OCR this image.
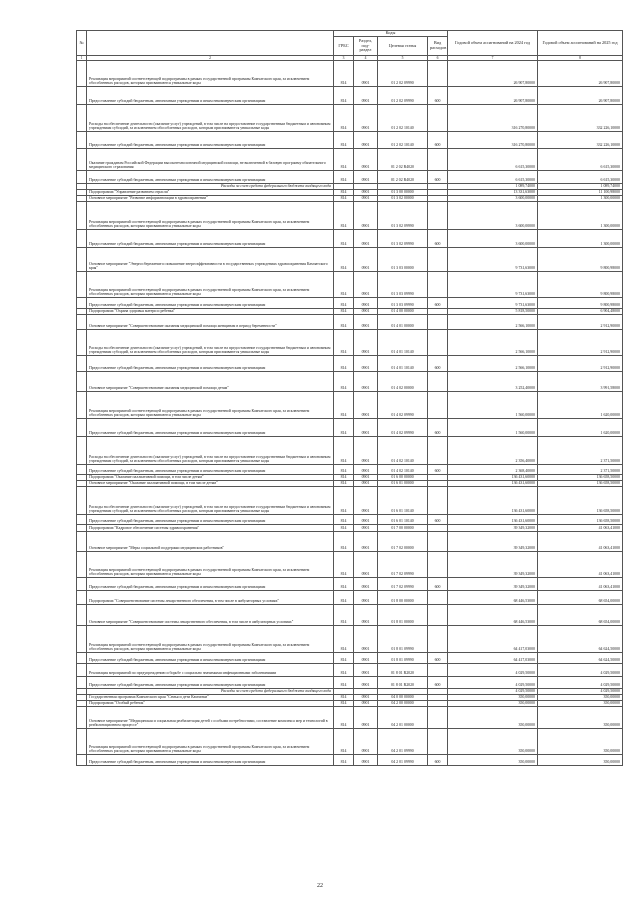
№		Коды				Годовой объем ассигнований на 2024 год	Годовой объем ассигнований на 2025 год
		ГРБС	Раздел, под-раздел	Целевая статья	Вид расходов		
1	2	3	4	5	6	7	8
	Реализация мероприятий соответствующей подпрограммы в рамках государственной программы Камчатского края, за исключением обособленных расходов, которым присваиваются уникальные коды	814	0901	01 2 02 09990		26 907,80000	26 907,80000
	Предоставление субсидий бюджетным, автономным учреждениям и иным некоммерческим организациям	814	0901	01 2 02 09990	600	26 907,80000	26 907,80000
	Расходы на обеспечение деятельности (оказание услуг) учреждений, в том числе на предоставление государственным бюджетным и автономным учреждениям субсидий, за исключением обособленных расходов, которым присваиваются уникальные коды	814	0901	01 2 02 10140		316 270,80000	332 226,10000
	Предоставление субсидий бюджетным, автономным учреждениям и иным некоммерческим организациям	814	0901	01 2 02 10140	600	316 270,80000	332 226,10000
	Оказание гражданам Российской Федерации высокотехнологичной медицинской помощи, не включенной в базовую программу обязательного медицинского страхования	814	0901	01 2 02 R4020		6 615,30000	6 615,30000
	Предоставление субсидий бюджетным, автономным учреждениям и иным некоммерческим организациям	814	0901	01 2 02 R4020	600	6 615,30000	6 615,30000
	Расходы за счет средств федерального бюджета входящего кода					1 089,74000	1 089,74000
	Подпрограмма "Управление развитием отрасли"	814	0901	01 3 00 00000		13 331,63000	11 100,98000
	Основное мероприятие "Развитие информатизации в здравоохранении"	814	0901	01 3 02 00000		3 600,00000	1 300,00000
	Реализация мероприятий соответствующей подпрограммы в рамках государственной программы Камчатского края, за исключением обособленных расходов, которым присваиваются уникальные коды	814	0901	01 3 02 09990		3 600,00000	1 300,00000
	Предоставление субсидий бюджетным, автономным учреждениям и иным некоммерческим организациям	814	0901	01 3 02 09990	600	3 600,00000	1 300,00000
	Основное мероприятие "Энергосбережение и повышение энергоэффективности в государственных учреждениях здравоохранения Камчатского края"	814	0901	01 3 03 00000		9 731,63000	9 800,98000
	Реализация мероприятий соответствующей подпрограммы в рамках государственной программы Камчатского края, за исключением обособленных расходов, которым присваиваются уникальные коды	814	0901	01 3 03 09990		9 731,63000	9 800,98000
	Предоставление субсидий бюджетным, автономным учреждениям и иным некоммерческим организациям	814	0901	01 3 03 09990	600	9 731,63000	9 800,98000
	Подпрограмма "Охрана здоровья матери и ребенка"	814	0901	01 4 00 00000		5 818,50000	6 904,48000
	Основное мероприятие "Совершенствование оказания медицинской помощи женщинам в период беременности"	814	0901	01 4 01 00000		2 566,10000	2 912,90000
	Расходы на обеспечение деятельности (оказание услуг) учреждений, в том числе на предоставление государственным бюджетным и автономным учреждениям субсидий, за исключением обособленных расходов, которым присваиваются уникальные коды	814	0901	01 4 01 10140		2 566,10000	2 912,90000
	Предоставление субсидий бюджетным, автономным учреждениям и иным некоммерческим организациям	814	0901	01 4 01 10140	600	2 566,10000	2 912,90000
	Основное мероприятие "Совершенствование оказания медицинской помощи детям"	814	0901	01 4 02 00000		3 252,40000	3 991,58000
	Реализация мероприятий соответствующей подпрограммы в рамках государственной программы Камчатского края, за исключением обособленных расходов, которым присваиваются уникальные коды	814	0901	01 4 02 09990		1 560,00000	1 620,00000
	Предоставление субсидий бюджетным, автономным учреждениям и иным некоммерческим организациям	814	0901	01 4 02 09990	600	1 560,00000	1 620,00000
	Расходы на обеспечение деятельности (оказание услуг) учреждений, в том числе на предоставление государственным бюджетным и автономным учреждениям субсидий, за исключением обособленных расходов, которым присваиваются уникальные коды	814	0901	01 4 02 10140		2 356,40000	2 371,50000
	Предоставление субсидий бюджетным, автономным учреждениям и иным некоммерческим организациям	814	0901	01 4 02 10140	600	2 368,40000	2 371,50000
	Подпрограмма "Оказание паллиативной помощи, в том числе детям"	814	0901	01 6 00 00000		136 431,60000	136 658,50000
	Основное мероприятие "Оказание паллиативной помощи, в том числе детям"	814	0901	01 6 01 00000		136 431,60000	136 658,50000
	Расходы на обеспечение деятельности (оказание услуг) учреждений, в том числе на предоставление государственным бюджетным и автономным учреждениям субсидий, за исключением обособленных расходов, которым присваиваются уникальные коды	814	0901	01 6 01 10140		136 431,60000	136 658,50000
	Предоставление субсидий бюджетным, автономным учреждениям и иным некоммерческим организациям	814	0901	01 6 01 10140	600	136 431,60000	136 658,50000
	Подпрограмма "Кадровое обеспечение системы здравоохранения"	814	0901	01 7 00 00000		39 349,32000	41 063,41000
	Основное мероприятие "Меры социальной поддержки медицинских работников"	814	0901	01 7 02 00000		39 349,32000	41 063,41000
	Реализация мероприятий соответствующей подпрограммы в рамках государственной программы Камчатского края, за исключением обособленных расходов, которым присваиваются уникальные коды	814	0901	01 7 02 09990		39 349,32000	41 063,41000
	Предоставление субсидий бюджетным, автономным учреждениям и иным некоммерческим организациям	814	0901	01 7 02 09990	600	39 349,32000	41 063,41000
	Подпрограмма "Совершенствование системы лекарственного обеспечения, в том числе в амбулаторных условиях"	814	0901	01 8 00 00000		68 446,53000	68 654,00000
	Основное мероприятие "Совершенствование системы лекарственного обеспечения, в том числе в амбулаторных условиях"	814	0901	01 8 01 00000		68 446,53000	68 654,00000
	Реализация мероприятий соответствующей подпрограммы в рамках государственной программы Камчатского края, за исключением обособленных расходов, которым присваиваются уникальные коды	814	0901	01 8 01 09990		64 417,03000	64 624,50000
	Предоставление субсидий бюджетным, автономным учреждениям и иным некоммерческим организациям	814	0901	01 8 01 09990	600	64 417,03000	64 624,50000
	Реализация мероприятий по предупреждению и борьбе с социально значимыми инфекционными заболеваниями	814	0901	01 8 01 R2020		4 029,50000	4 029,50000
	Предоставление субсидий бюджетным, автономным учреждениям и иным некоммерческим организациям	814	0901	01 8 01 R2020	600	4 029,50000	4 029,50000
	Расходы за счет средств федерального бюджета входящего кода					4 029,50000	4 029,50000
	Государственная программа Камчатского края "Семья и дети Камчатки"	814	0901	04 0 00 00000		350,00000	350,00000
	Подпрограмма "Особый ребенок"	814	0901	04 2 00 00000		350,00000	350,00000
	Основное мероприятие "Медицинская и социальная реабилитация детей с особыми потребностями, составление комплекса мер и технологий в реабилитационном процессе"	814	0901	04 2 01 00000		350,00000	350,00000
	Реализация мероприятий соответствующей подпрограммы в рамках государственной программы Камчатского края, за исключением обособленных расходов, которым присваиваются уникальные коды	814	0901	04 2 01 09990		350,00000	350,00000
	Предоставление субсидий бюджетным, автономным учреждениям и иным некоммерческим организациям	814	0901	04 2 01 09990	600	350,00000	350,00000
22
